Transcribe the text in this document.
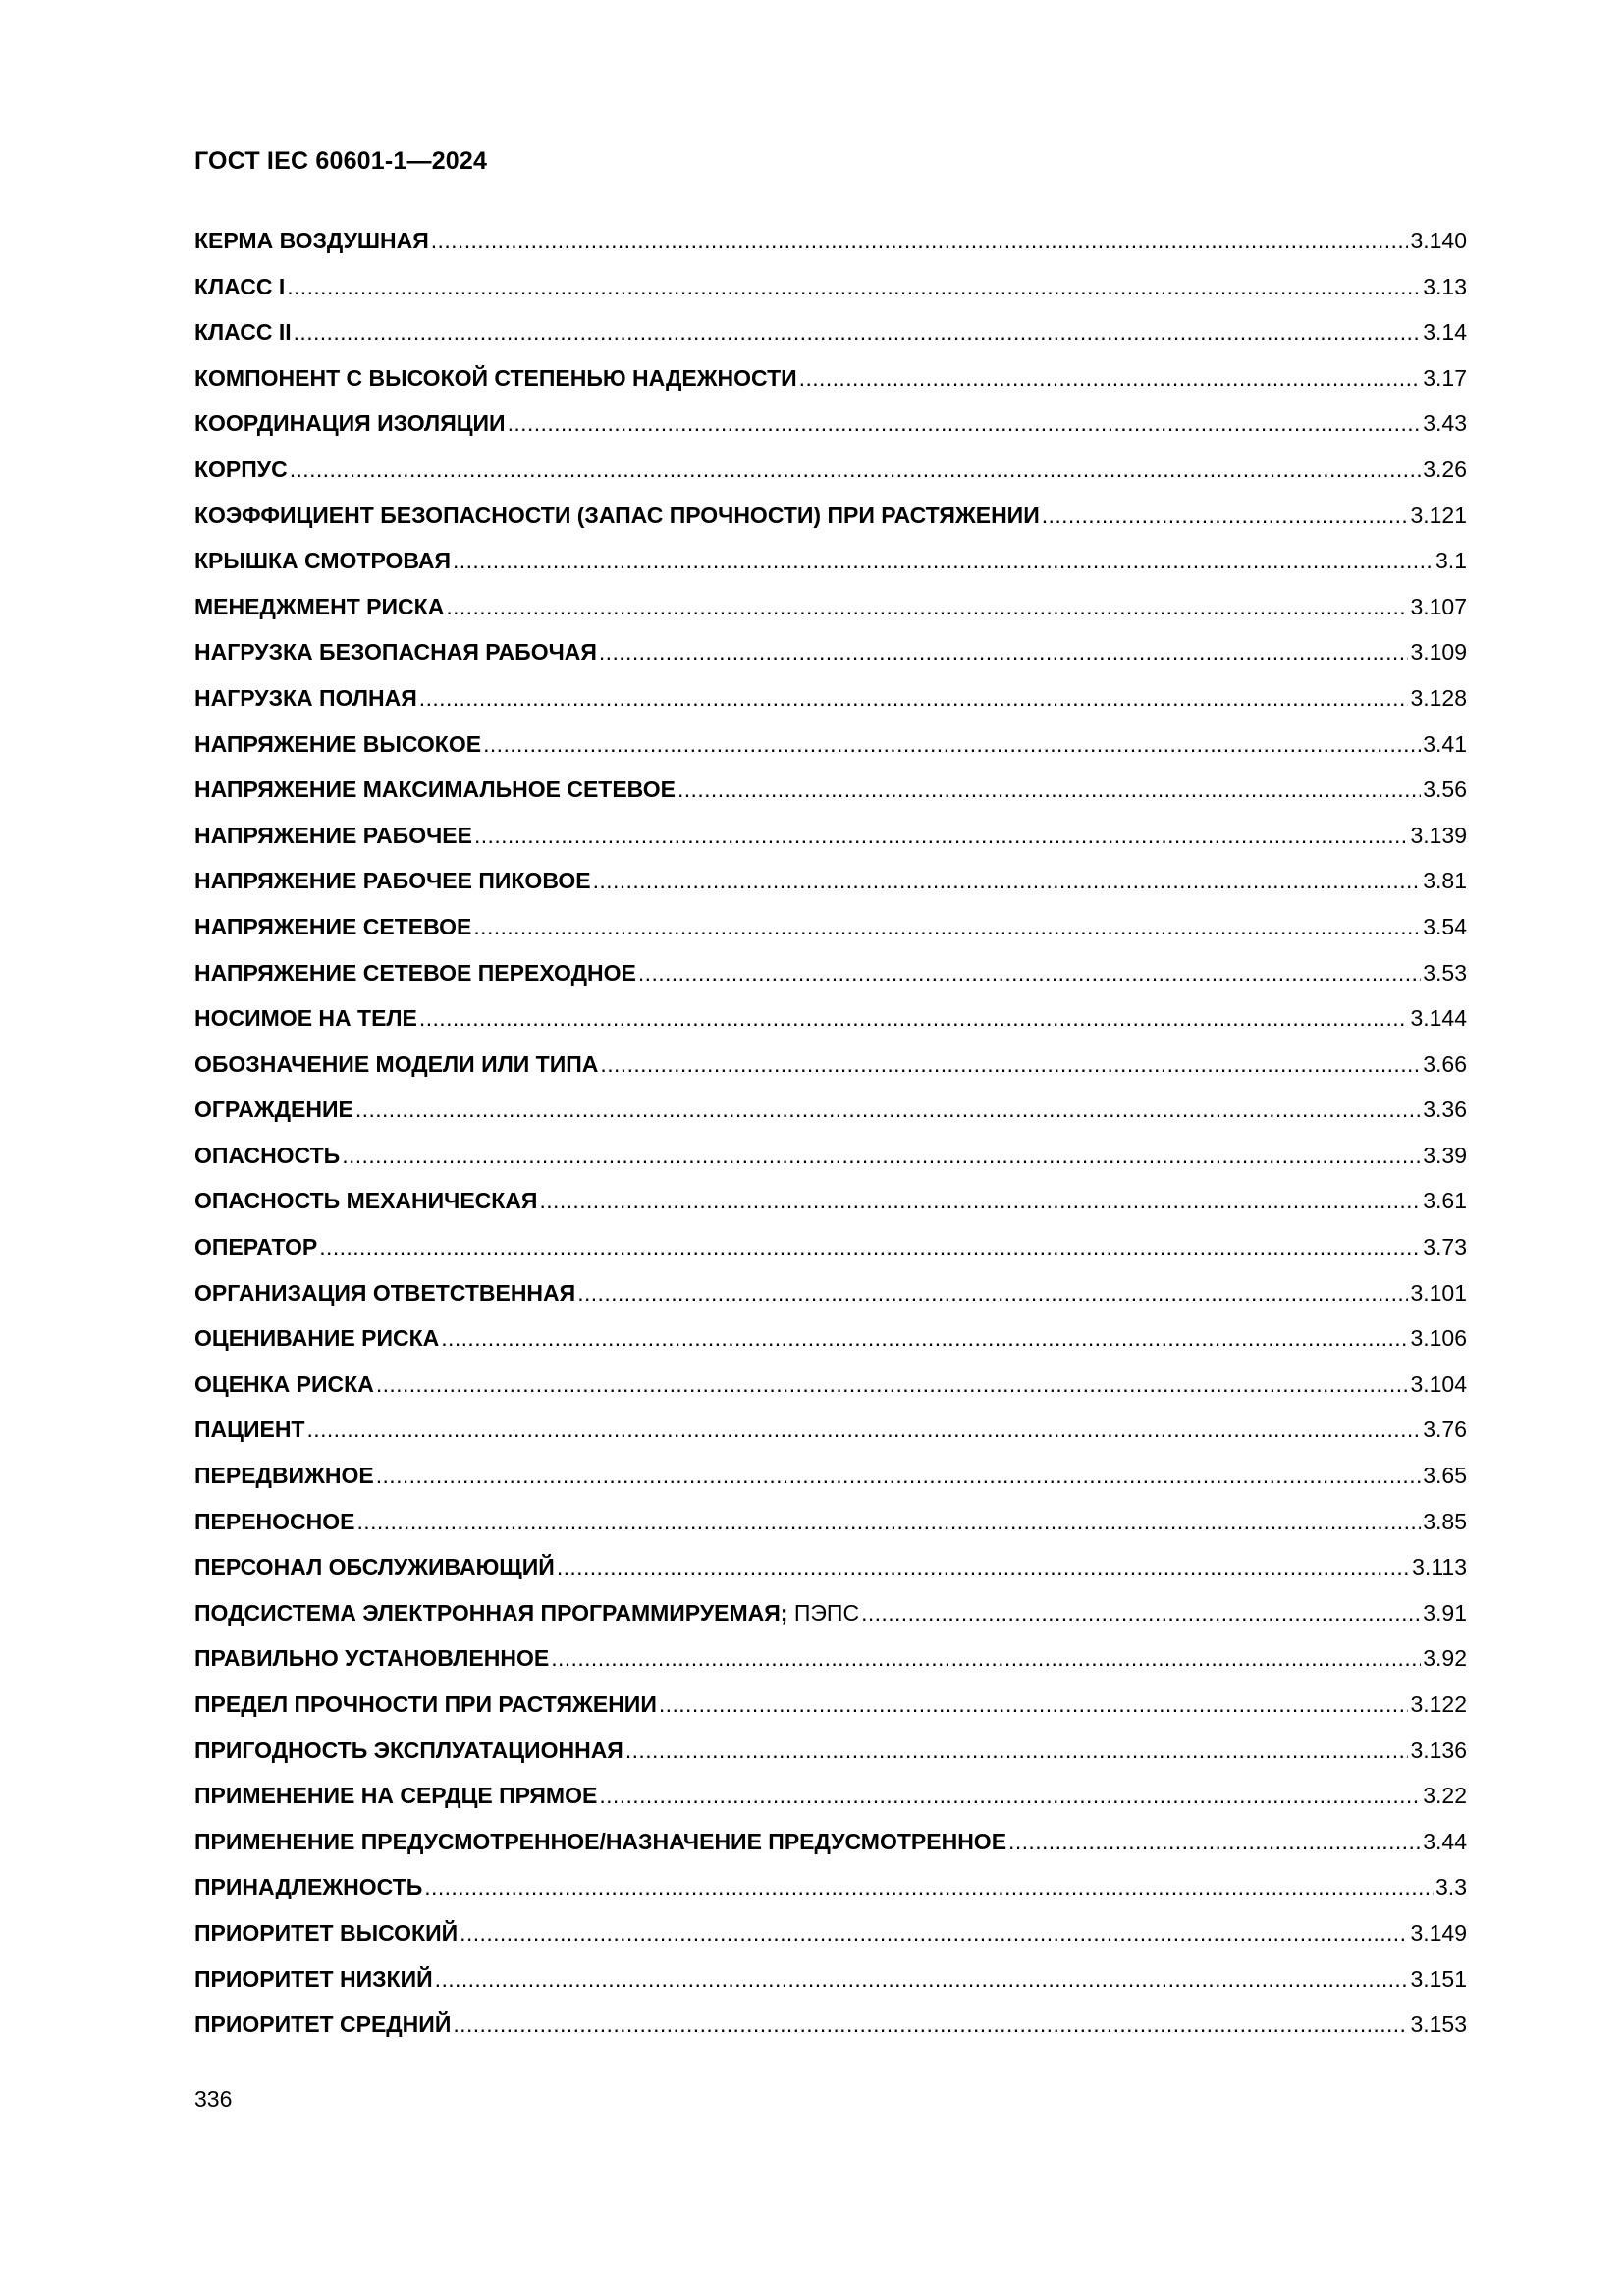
ГОСТ IEC 60601-1—2024
КЕРМА ВОЗДУШНАЯ .....	3.140
КЛАСС I .....	3.13
КЛАСС II .....	3.14
КОМПОНЕНТ С ВЫСОКОЙ СТЕПЕНЬЮ НАДЕЖНОСТИ .....	3.17
КООРДИНАЦИЯ ИЗОЛЯЦИИ .....	3.43
КОРПУС .....	3.26
КОЭФФИЦИЕНТ БЕЗОПАСНОСТИ (ЗАПАС ПРОЧНОСТИ) ПРИ РАСТЯЖЕНИИ .....	3.121
КРЫШКА СМОТРОВАЯ .....	3.1
МЕНЕДЖМЕНТ РИСКА .....	3.107
НАГРУЗКА БЕЗОПАСНАЯ РАБОЧАЯ .....	3.109
НАГРУЗКА ПОЛНАЯ .....	3.128
НАПРЯЖЕНИЕ ВЫСОКОЕ .....	3.41
НАПРЯЖЕНИЕ МАКСИМАЛЬНОЕ СЕТЕВОЕ .....	3.56
НАПРЯЖЕНИЕ РАБОЧЕЕ .....	3.139
НАПРЯЖЕНИЕ РАБОЧЕЕ ПИКОВОЕ .....	3.81
НАПРЯЖЕНИЕ СЕТЕВОЕ .....	3.54
НАПРЯЖЕНИЕ СЕТЕВОЕ ПЕРЕХОДНОЕ .....	3.53
НОСИМОЕ НА ТЕЛЕ .....	3.144
ОБОЗНАЧЕНИЕ МОДЕЛИ ИЛИ ТИПА .....	3.66
ОГРАЖДЕНИЕ .....	3.36
ОПАСНОСТЬ .....	3.39
ОПАСНОСТЬ МЕХАНИЧЕСКАЯ .....	3.61
ОПЕРАТОР .....	3.73
ОРГАНИЗАЦИЯ ОТВЕТСТВЕННАЯ .....	3.101
ОЦЕНИВАНИЕ РИСКА .....	3.106
ОЦЕНКА РИСКА .....	3.104
ПАЦИЕНТ .....	3.76
ПЕРЕДВИЖНОЕ .....	3.65
ПЕРЕНОСНОЕ .....	3.85
ПЕРСОНАЛ ОБСЛУЖИВАЮЩИЙ .....	3.113
ПОДСИСТЕМА ЭЛЕКТРОННАЯ ПРОГРАММИРУЕМАЯ; ПЭПС .....	3.91
ПРАВИЛЬНО УСТАНОВЛЕННОЕ .....	3.92
ПРЕДЕЛ ПРОЧНОСТИ ПРИ РАСТЯЖЕНИИ .....	3.122
ПРИГОДНОСТЬ ЭКСПЛУАТАЦИОННАЯ .....	3.136
ПРИМЕНЕНИЕ НА СЕРДЦЕ ПРЯМОЕ .....	3.22
ПРИМЕНЕНИЕ ПРЕДУСМОТРЕННОЕ/НАЗНАЧЕНИЕ ПРЕДУСМОТРЕННОЕ .....	3.44
ПРИНАДЛЕЖНОСТЬ .....	3.3
ПРИОРИТЕТ ВЫСОКИЙ .....	3.149
ПРИОРИТЕТ НИЗКИЙ .....	3.151
ПРИОРИТЕТ СРЕДНИЙ .....	3.153
336
